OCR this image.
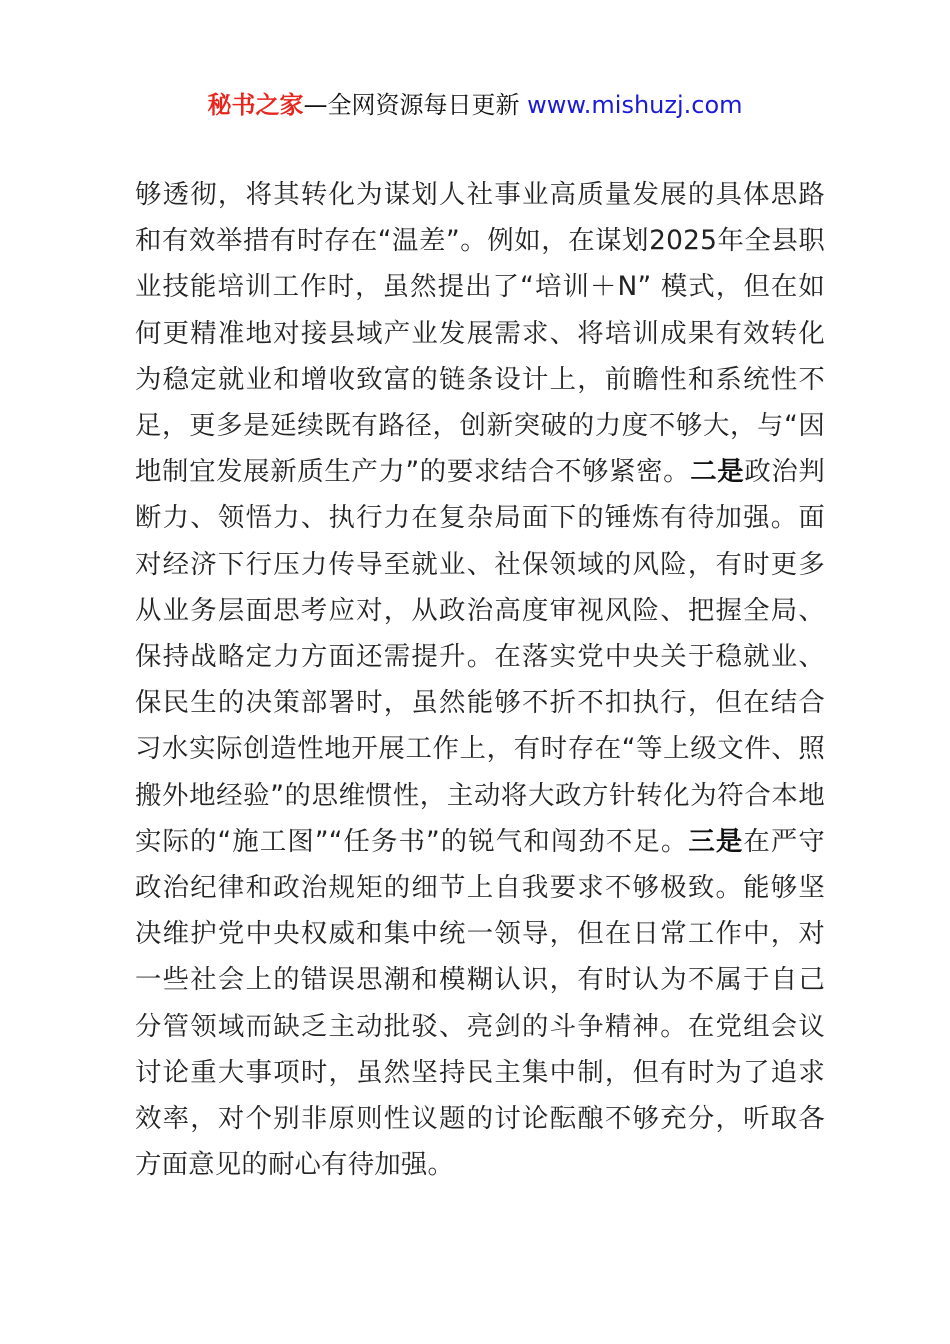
秘书之家—全网资源每日更新 www.mishuzj.com

够透彻，将其转化为谋划人社事业高质量发展的具体思路和有效举措有时存在“温差”。例如，在谋划2025年全县职业技能培训工作时，虽然提出了“培训＋N” 模式，但在如何更精准地对接县域产业发展需求、将培训成果有效转化为稳定就业和增收致富的链条设计上，前瞻性和系统性不足，更多是延续既有路径，创新突破的力度不够大，与“因地制宜发展新质生产力”的要求结合不够紧密。二是政治判断力、领悟力、执行力在复杂局面下的锤炼有待加强。面对经济下行压力传导至就业、社保领域的风险，有时更多从业务层面思考应对，从政治高度审视风险、把握全局、保持战略定力方面还需提升。在落实党中央关于稳就业、保民生的决策部署时，虽然能够不折不扣执行，但在结合习水实际创造性地开展工作上，有时存在“等上级文件、照搬外地经验”的思维惯性，主动将大政方针转化为符合本地实际的“施工图”“任务书”的锐气和闯劲不足。三是在严守政治纪律和政治规矩的细节上自我要求不够极致。能够坚决维护党中央权威和集中统一领导，但在日常工作中，对一些社会上的错误思潮和模糊认识，有时认为不属于自己分管领域而缺乏主动批驳、亮剑的斗争精神。在党组会议讨论重大事项时，虽然坚持民主集中制，但有时为了追求效率，对个别非原则性议题的讨论酝酿不够充分，听取各方面意见的耐心有待加强。
